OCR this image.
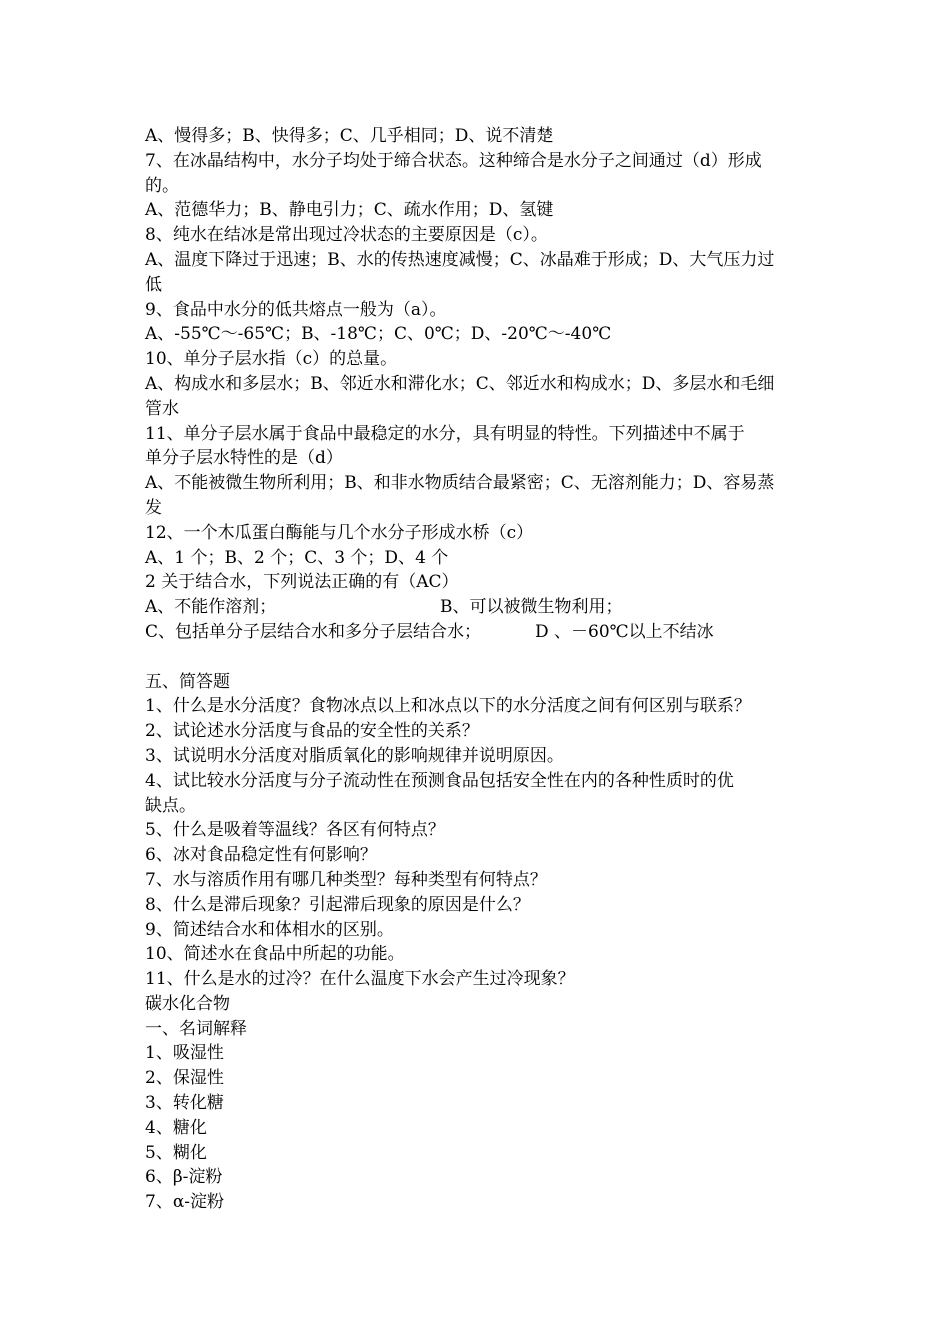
A、慢得多；B、快得多；C、几乎相同；D、说不清楚
7、在冰晶结构中，水分子均处于缔合状态。这种缔合是水分子之间通过（d）形成
的。
A、范德华力；B、静电引力；C、疏水作用；D、氢键
8、纯水在结冰是常出现过冷状态的主要原因是（c）。
A、温度下降过于迅速；B、水的传热速度减慢；C、冰晶难于形成；D、大气压力过
低
9、食品中水分的低共熔点一般为（a）。
A、-55℃～-65℃；B、-18℃；C、0℃；D、-20℃～-40℃
10、单分子层水指（c）的总量。
A、构成水和多层水；B、邻近水和滞化水；C、邻近水和构成水；D、多层水和毛细
管水
11、单分子层水属于食品中最稳定的水分，具有明显的特性。下列描述中不属于
单分子层水特性的是（d）
A、不能被微生物所利用；B、和非水物质结合最紧密；C、无溶剂能力；D、容易蒸
发
12、一个木瓜蛋白酶能与几个水分子形成水桥（c）
A、1 个；B、2 个；C、3 个；D、4 个
2 关于结合水，下列说法正确的有（AC）
A、不能作溶剂；	B、可以被微生物利用；
C、包括单分子层结合水和多分子层结合水；	D 、－60℃以上不结冰
五、简答题
1、什么是水分活度？食物冰点以上和冰点以下的水分活度之间有何区别与联系？
2、试论述水分活度与食品的安全性的关系？
3、试说明水分活度对脂质氧化的影响规律并说明原因。
4、试比较水分活度与分子流动性在预测食品包括安全性在内的各种性质时的优
缺点。
5、什么是吸着等温线？各区有何特点？
6、冰对食品稳定性有何影响？
7、水与溶质作用有哪几种类型？每种类型有何特点？
8、什么是滞后现象？引起滞后现象的原因是什么？
9、简述结合水和体相水的区别。
10、简述水在食品中所起的功能。
11、什么是水的过冷？在什么温度下水会产生过冷现象？
碳水化合物
一、名词解释
1、吸湿性
2、保湿性
3、转化糖
4、糖化
5、糊化
6、β-淀粉
7、α-淀粉
